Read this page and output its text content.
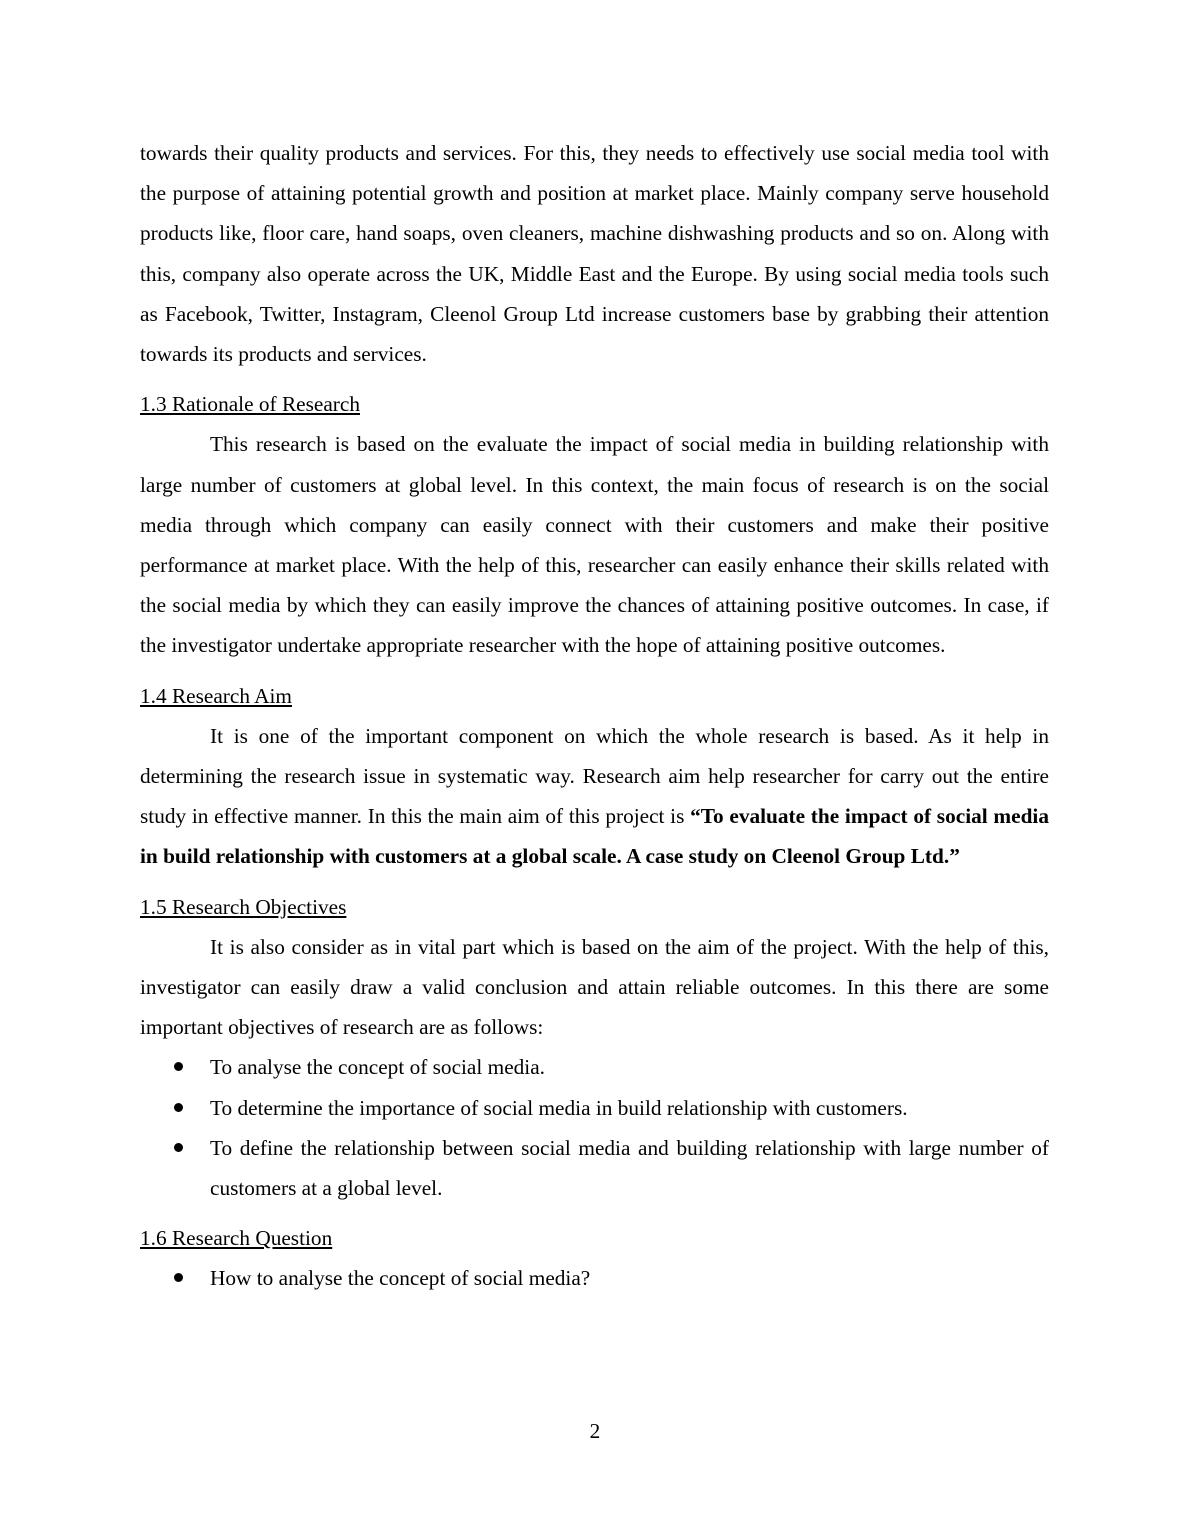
towards their quality products and services. For this, they needs to effectively use social media tool with the purpose of attaining potential growth and position at market place. Mainly company serve household products like, floor care, hand soaps, oven cleaners, machine dishwashing products and so on. Along with this, company also operate across the UK, Middle East and the Europe. By using social media tools such as Facebook, Twitter, Instagram, Cleenol Group Ltd increase customers base by grabbing their attention towards its products and services.

1.3 Rationale of Research

This research is based on the evaluate the impact of social media in building relationship with large number of customers at global level. In this context, the main focus of research is on the social media through which company can easily connect with their customers and make their positive performance at market place. With the help of this, researcher can easily enhance their skills related with the social media by which they can easily improve the chances of attaining positive outcomes. In case, if the investigator undertake appropriate researcher with the hope of attaining positive outcomes.

1.4 Research Aim

It is one of the important component on which the whole research is based. As it help in determining the research issue in systematic way. Research aim help researcher for carry out the entire study in effective manner. In this the main aim of this project is “To evaluate the impact of social media in build relationship with customers at a global scale. A case study on Cleenol Group Ltd.”

1.5 Research Objectives

It is also consider as in vital part which is based on the aim of the project. With the help of this, investigator can easily draw a valid conclusion and attain reliable outcomes. In this there are some important objectives of research are as follows:

To analyse the concept of social media.
To determine the importance of social media in build relationship with customers.
To define the relationship between social media and building relationship with large number of customers at a global level.
1.6 Research Question
How to analyse the concept of social media?
2
